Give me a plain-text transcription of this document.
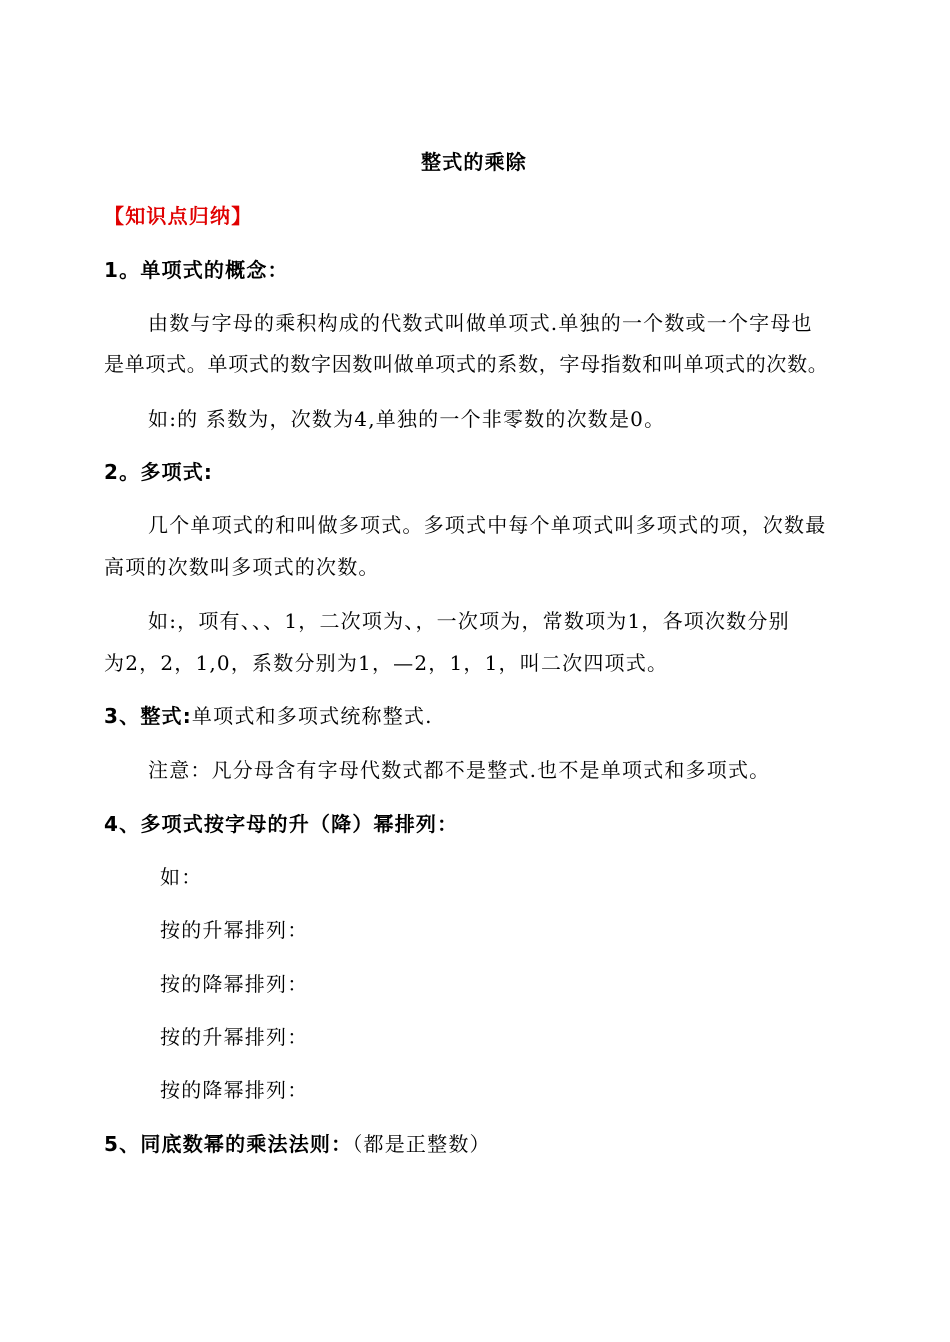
整式的乘除
【知识点归纳】
1。单项式的概念：
由数与字母的乘积构成的代数式叫做单项式.单独的一个数或一个字母也
是单项式。单项式的数字因数叫做单项式的系数，字母指数和叫单项式的次数。
如:的 系数为，次数为4,单独的一个非零数的次数是0。
2。多项式:
几个单项式的和叫做多项式。多项式中每个单项式叫多项式的项，次数最
高项的次数叫多项式的次数。
如:，项有、、、1，二次项为、，一次项为，常数项为1，各项次数分别
为2，2，1,0，系数分别为1，—2，1，1，叫二次四项式。
3、整式:单项式和多项式统称整式.
注意：凡分母含有字母代数式都不是整式.也不是单项式和多项式。
4、多项式按字母的升（降）幂排列：
如：
按的升幂排列：
按的降幂排列：
按的升幂排列：
按的降幂排列：
5、同底数幂的乘法法则：（都是正整数）
